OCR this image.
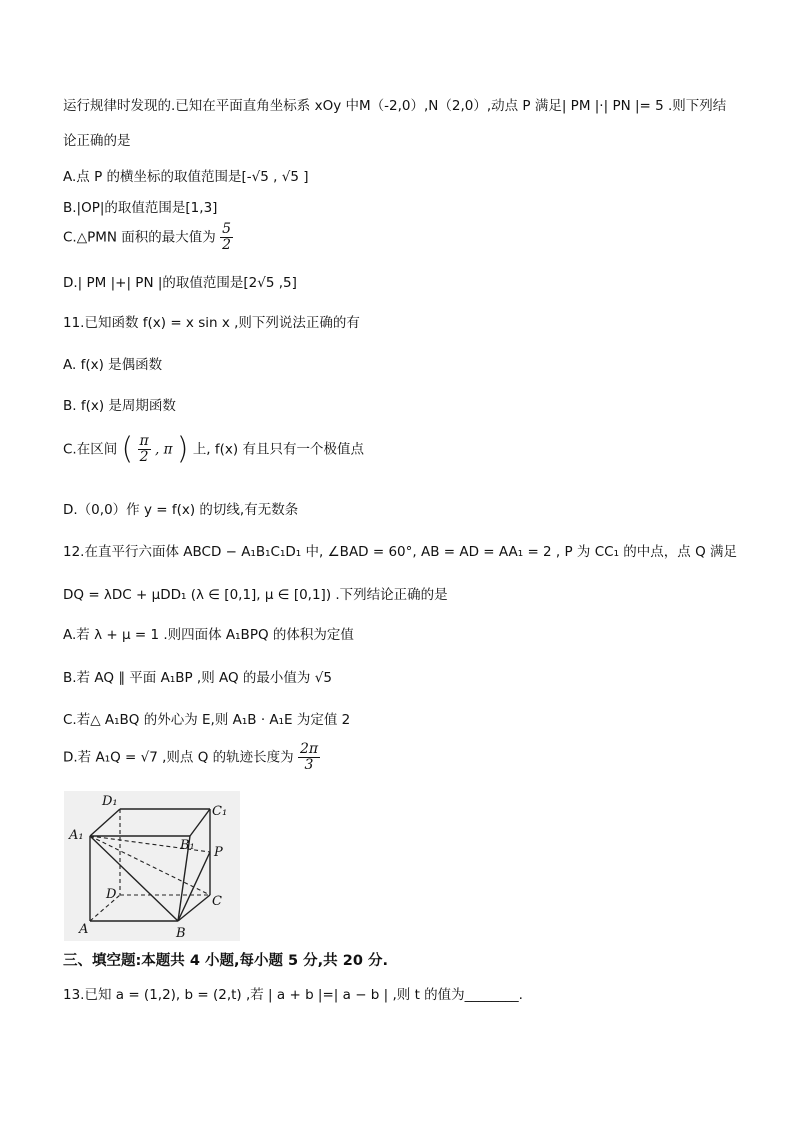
运行规律时发现的.已知在平面直角坐标系 xOy 中M（-2,0）,N（2,0）,动点 P 满足| PM |·| PN |= 5 .则下列结
论正确的是
A.点 P 的横坐标的取值范围是[-√5 , √5 ]
B.|OP|的取值范围是[1,3]
C.△PMN 面积的最大值为 $\frac{5}{2}$
D.| PM |+| PN |的取值范围是[2√5 ,5]
11.已知函数 f(x) = x sin x ,则下列说法正确的有
A. f(x) 是偶函数
B. f(x) 是周期函数
C.在区间 ( $\frac{\pi}{2}$ , π ) 上, f(x) 有且只有一个极值点
D.（0,0）作 y = f(x) 的切线,有无数条
12.在直平行六面体 ABCD − A₁B₁C₁D₁ 中, ∠BAD = 60°, AB = AD = AA₁ = 2 , P 为 CC₁ 的中点，点 Q 满足
DQ = λDC + μDD₁ (λ ∈ [0,1], μ ∈ [0,1]) .下列结论正确的是
A.若 λ + μ = 1 .则四面体 A₁BPQ 的体积为定值
B.若 AQ ∥ 平面 A₁BP ,则 AQ 的最小值为 √5
C.若△ A₁BQ 的外心为 E,则 A₁B · A₁E 为定值 2
D.若 A₁Q = √7 ,则点 Q 的轨迹长度为 $\frac{2\pi}{3}$
D₁
C₁
A₁
B₁ P
D	C
A	B
三、填空题:本题共 4 小题,每小题 5 分,共 20 分.
13.已知 a = (1,2), b = (2,t) ,若 | a + b |=| a − b | ,则 t 的值为________.
